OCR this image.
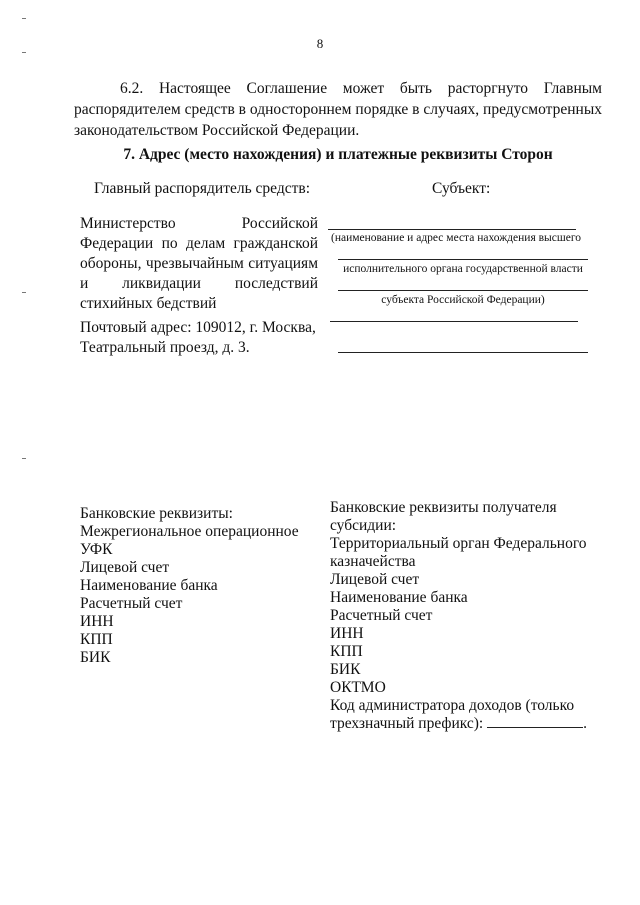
8
6.2. Настоящее Соглашение может быть расторгнуто Главным распорядителем средств в одностороннем порядке в случаях, предусмотренных законодательством Российской Федерации.
7. Адрес (место нахождения) и платежные реквизиты Сторон
Главный распорядитель средств:	Субъект:
Министерство Российской
Федерации по делам гражданской
обороны, чрезвычайным ситуациям
и ликвидации последствий
стихийных бедствий
Почтовый адрес: 109012, г. Москва,
Театральный проезд, д. 3.
(наименование и адрес места нахождения высшего
исполнительного органа государственной власти
субъекта Российской Федерации)
Банковские реквизиты:
Межрегиональное операционное
УФК
Лицевой счет
Наименование банка
Расчетный счет
ИНН
КПП
БИК
Банковские реквизиты получателя
субсидии:
Территориальный орган Федерального
казначейства
Лицевой счет
Наименование банка
Расчетный счет
ИНН
КПП
БИК
ОКТМО
Код администратора доходов (только
трехзначный префикс):	.
